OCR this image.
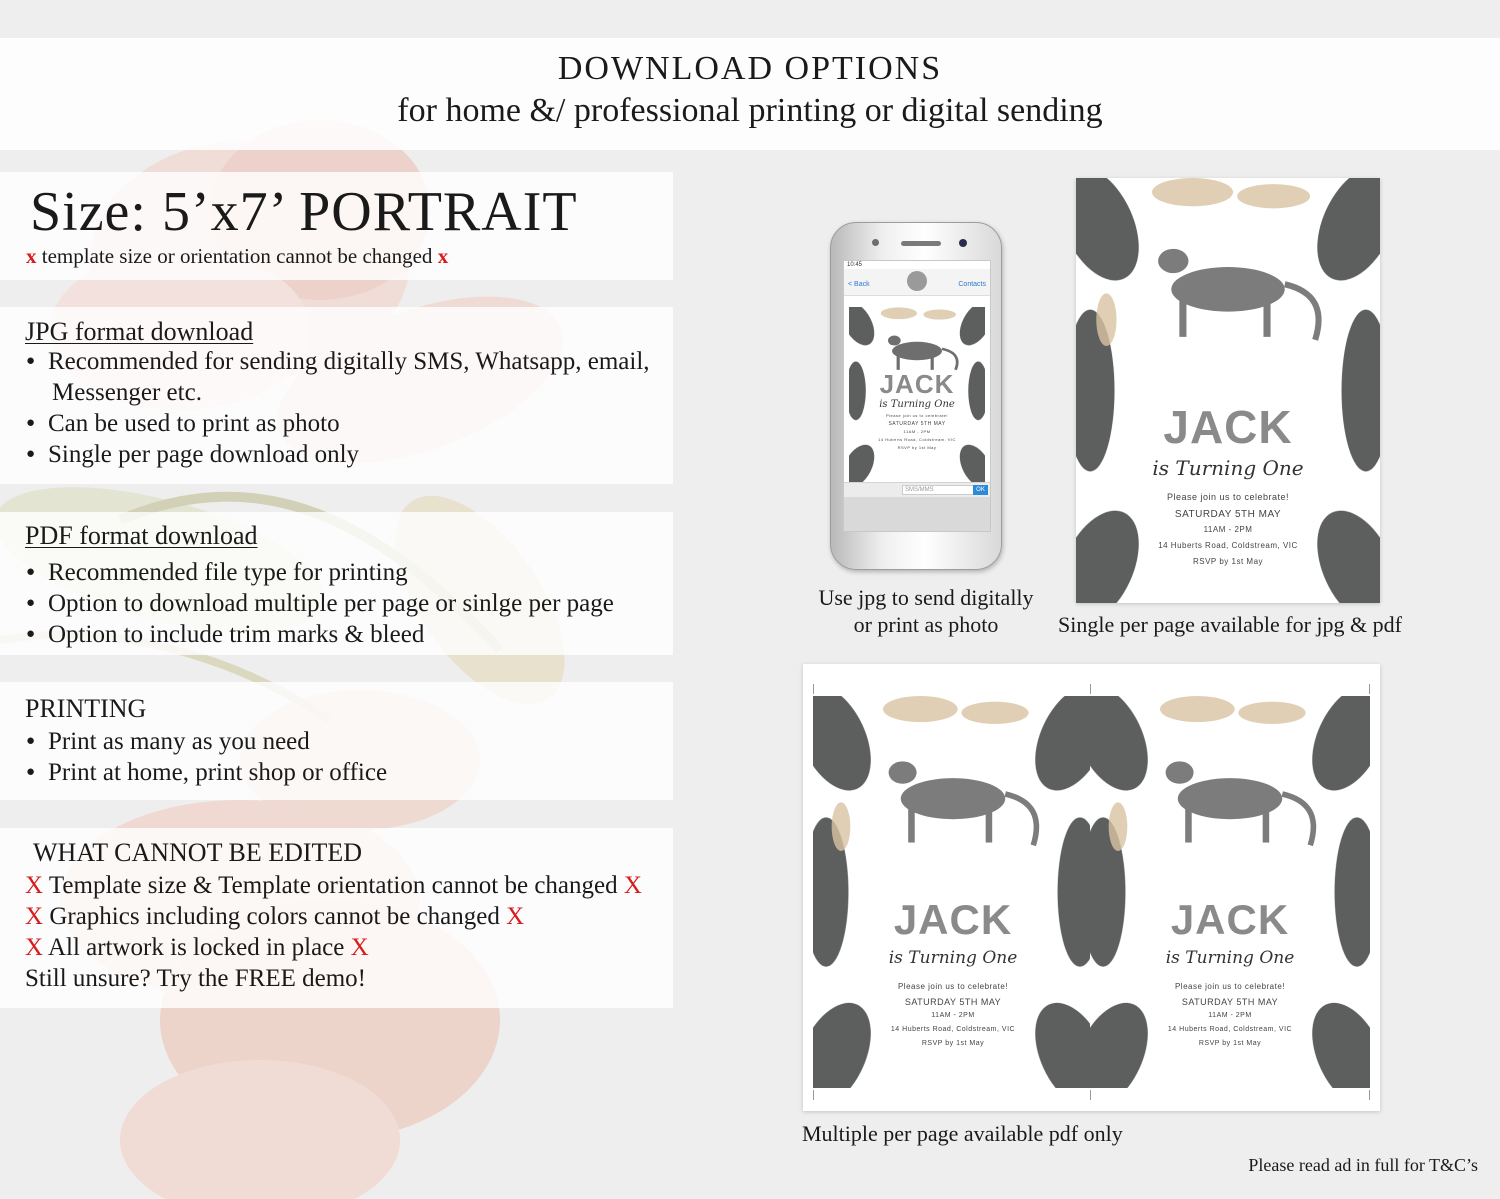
DOWNLOAD OPTIONS
for home &/ professional printing or digital sending
Size: 5’x7’ PORTRAIT
x template size or orientation cannot be changed x
JPG format download
● Recommended for sending digitally SMS, Whatsapp, email,
Messenger etc.
● Can be used to print as photo
● Single per page download only
PDF format download
● Recommended file type for printing
● Option to download multiple per page or sinlge per page
● Option to include trim marks & bleed
PRINTING
● Print as many as you need
● Print at home, print shop or office
WHAT CANNOT BE EDITED
X Template size & Template orientation cannot be changed X
X Graphics including colors cannot be changed X
X All artwork is locked in place X
Still unsure? Try the FREE demo!
10:45
< Back	Contacts
JACK
is Turning One
Please join us to celebrate!
SATURDAY 5TH MAY
11AM - 2PM
14 Huberts Road, Coldstream, VIC
RSVP by 1st May
SMS/MMS	OK
Use jpg to send digitally
or print as photo
JACK
is Turning One
Please join us to celebrate!
SATURDAY 5TH MAY
11AM - 2PM
14 Huberts Road, Coldstream, VIC
RSVP by 1st May
Single per page available for jpg & pdf
JACK
is Turning One
Please join us to celebrate!
SATURDAY 5TH MAY
11AM - 2PM
14 Huberts Road, Coldstream, VIC
RSVP by 1st May
JACK
is Turning One
Please join us to celebrate!
SATURDAY 5TH MAY
11AM - 2PM
14 Huberts Road, Coldstream, VIC
RSVP by 1st May
Multiple per page available pdf only
Please read ad in full for T&C’s
